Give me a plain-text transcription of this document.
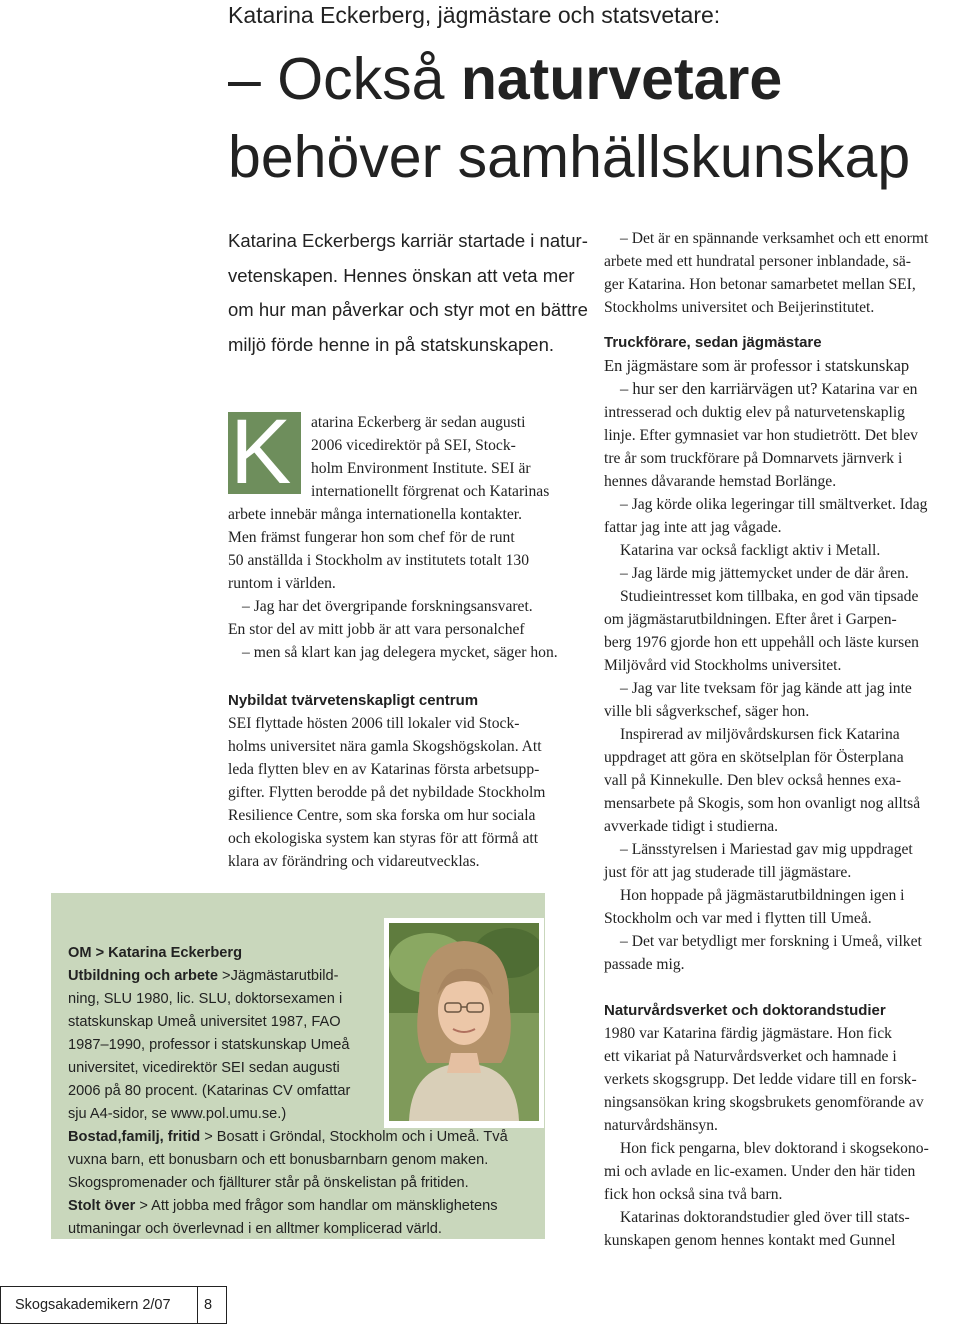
Katarina Eckerberg, jägmästare och statsvetare:
– Också naturvetare
behöver samhällskunskap
Katarina Eckerbergs karriär startade i natur-
vetenskapen. Hennes önskan att veta mer
om hur man påverkar och styr mot en bättre
miljö förde henne in på statskunskapen.
K atarina Eckerberg är sedan augusti
2006 vicedirektör på SEI, Stock-
holm Environment Institute. SEI är
internationellt förgrenat och Katarinas
arbete innebär många internationella kontakter.
Men främst fungerar hon som chef för de runt
50 anställda i Stockholm av institutets totalt 130
runtom i världen.
– Jag har det övergripande forskningsansvaret.
En stor del av mitt jobb är att vara personalchef
– men så klart kan jag delegera mycket, säger hon.
Nybildat tvärvetenskapligt centrum
SEI flyttade hösten 2006 till lokaler vid Stock-
holms universitet nära gamla Skogshögskolan. Att
leda flytten blev en av Katarinas första arbetsupp-
gifter. Flytten berodde på det nybildade Stockholm
Resilience Centre, som ska forska om hur sociala
och ekologiska system kan styras för att förmå att
klara av förändring och vidareutvecklas.
– Det är en spännande verksamhet och ett enormt
arbete med ett hundratal personer inblandade, sä-
ger Katarina. Hon betonar samarbetet mellan SEI,
Stockholms universitet och Beijerinstitutet.
Truckförare, sedan jägmästare
En jägmästare som är professor i statskunskap
– hur ser den karriärvägen ut? Katarina var en
intresserad och duktig elev på naturvetenskaplig
linje. Efter gymnasiet var hon studietrött. Det blev
tre år som truckförare på Domnarvets järnverk i
hennes dåvarande hemstad Borlänge.
– Jag körde olika legeringar till smältverket. Idag
fattar jag inte att jag vågade.
Katarina var också fackligt aktiv i Metall.
– Jag lärde mig jättemycket under de där åren.
Studieintresset kom tillbaka, en god vän tipsade
om jägmästarutbildningen. Efter året i Garpen-
berg 1976 gjorde hon ett uppehåll och läste kursen
Miljövård vid Stockholms universitet.
– Jag var lite tveksam för jag kände att jag inte
ville bli sågverkschef, säger hon.
Inspirerad av miljövårdskursen fick Katarina
uppdraget att göra en skötselplan för Österplana
vall på Kinnekulle. Den blev också hennes exa-
mensarbete på Skogis, som hon ovanligt nog alltså
avverkade tidigt i studierna.
– Länsstyrelsen i Mariestad gav mig uppdraget
just för att jag studerade till jägmästare.
Hon hoppade på jägmästarutbildningen igen i
Stockholm och var med i flytten till Umeå.
– Det var betydligt mer forskning i Umeå, vilket
passade mig.
Naturvårdsverket och doktorandstudier
1980 var Katarina färdig jägmästare. Hon fick
ett vikariat på Naturvårdsverket och hamnade i
verkets skogsgrupp. Det ledde vidare till en forsk-
ningsansökan kring skogsbrukets genomförande av
naturvårdshänsyn.
Hon fick pengarna, blev doktorand i skogsekono-
mi och avlade en lic-examen. Under den här tiden
fick hon också sina två barn.
Katarinas doktorandstudier gled över till stats-
kunskapen genom hennes kontakt med Gunnel
OM > Katarina Eckerberg
Utbildning och arbete >Jägmästarutbild-
ning, SLU 1980, lic. SLU, doktorsexamen i
statskunskap Umeå universitet 1987, FAO
1987–1990, professor i statskunskap Umeå
universitet, vicedirektör SEI sedan augusti
2006 på 80 procent. (Katarinas CV omfattar
sju A4-sidor, se www.pol.umu.se.)
Bostad,familj, fritid > Bosatt i Gröndal, Stockholm och i Umeå. Två
vuxna barn, ett bonusbarn och ett bonusbarnbarn genom maken.
Skogspromenader och fjällturer står på önskelistan på fritiden.
Stolt över > Att jobba med frågor som handlar om mänsklighetens
utmaningar och överlevnad i en alltmer komplicerad värld.
Skogsakademikern 2/07 8
